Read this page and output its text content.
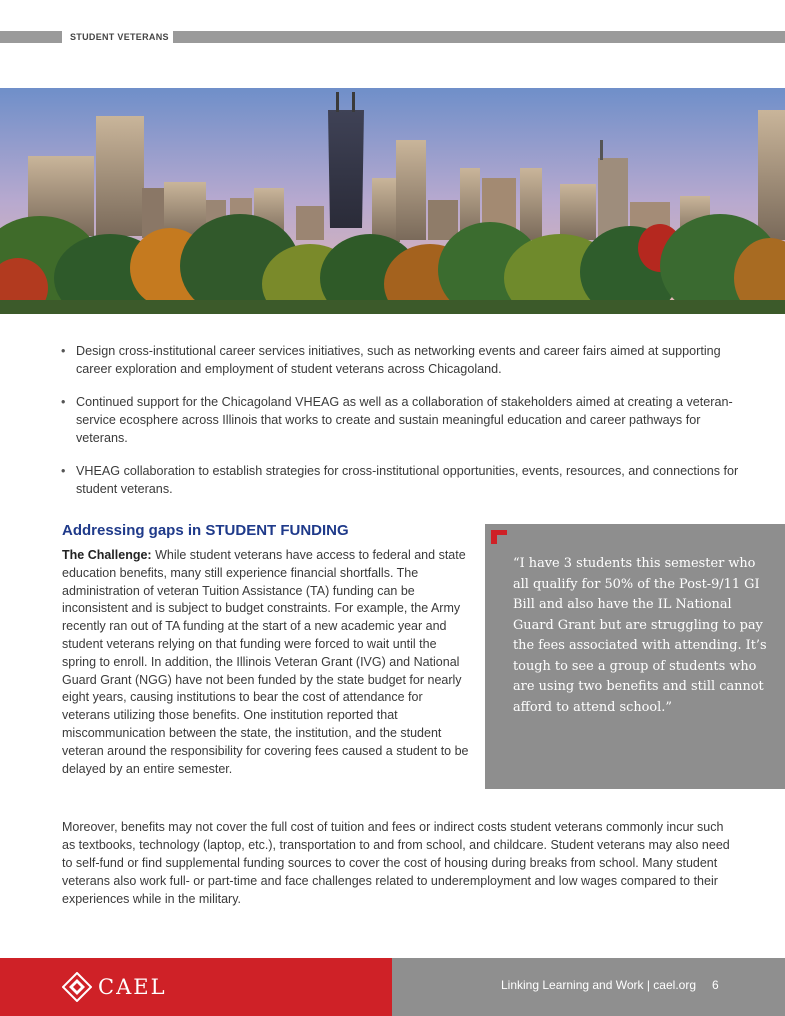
STUDENT VETERANS
• Design cross-institutional career services initiatives, such as networking events and career fairs aimed at supporting career exploration and employment of student veterans across Chicagoland.
• Continued support for the Chicagoland VHEAG as well as a collaboration of stakeholders aimed at creating a veteran-service ecosphere across Illinois that works to create and sustain meaningful education and career pathways for veterans.
• VHEAG collaboration to establish strategies for cross-institutional opportunities, events, resources, and connections for student veterans.
Addressing gaps in STUDENT FUNDING

The Challenge: While student veterans have access to federal and state education benefits, many still experience financial shortfalls. The administration of veteran Tuition Assistance (TA) funding can be inconsistent and is subject to budget constraints. For example, the Army recently ran out of TA funding at the start of a new academic year and student veterans relying on that funding were forced to wait until the spring to enroll. In addition, the Illinois Veteran Grant (IVG) and National Guard Grant (NGG) have not been funded by the state budget for nearly eight years, causing institutions to bear the cost of attendance for veterans utilizing those benefits. One institution reported that miscommunication between the state, the institution, and the student veteran around the responsibility for covering fees caused a student to be delayed by an entire semester.

“I have 3 students this semester who all qualify for 50% of the Post-9/11 GI Bill and also have the IL National Guard Grant but are struggling to pay the fees associated with attending. It’s tough to see a group of students who are using two benefits and still cannot afford to attend school.”

Moreover, benefits may not cover the full cost of tuition and fees or indirect costs student veterans commonly incur such as textbooks, technology (laptop, etc.), transportation to and from school, and childcare. Student veterans may also need to self-fund or find supplemental funding sources to cover the cost of housing during breaks from school. Many student veterans also work full- or part-time and face challenges related to underemployment and low wages compared to their experiences while in the military.

CAEL	Linking Learning and Work | cael.org 6
